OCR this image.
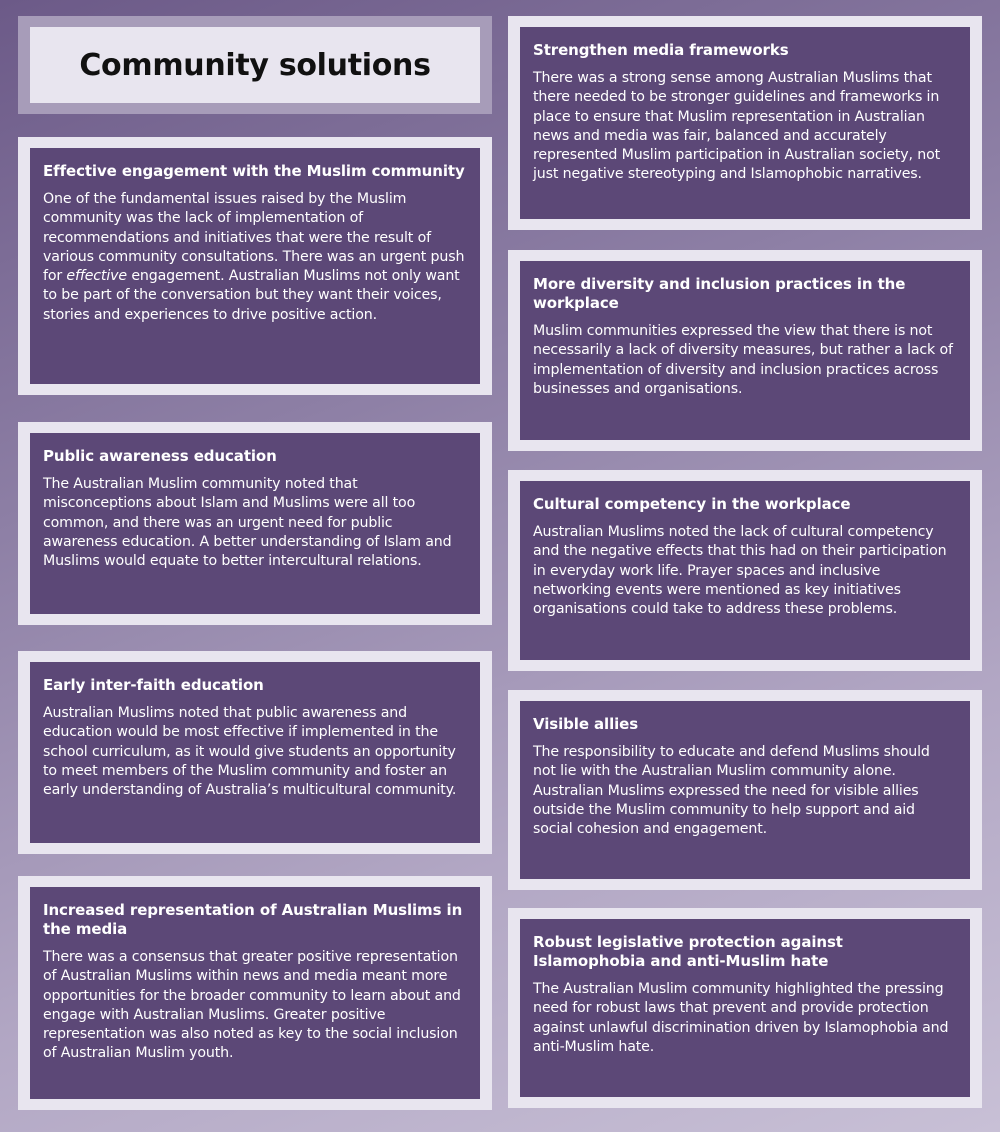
Community solutions
Effective engagement with the Muslim community

One of the fundamental issues raised by the Muslim community was the lack of implementation of recommendations and initiatives that were the result of various community consultations. There was an urgent push for effective engagement. Australian Muslims not only want to be part of the conversation but they want their voices, stories and experiences to drive positive action.

Public awareness education

The Australian Muslim community noted that misconceptions about Islam and Muslims were all too common, and there was an urgent need for public awareness education. A better understanding of Islam and Muslims would equate to better intercultural relations.

Early inter-faith education

Australian Muslims noted that public awareness and education would be most effective if implemented in the school curriculum, as it would give students an opportunity to meet members of the Muslim community and foster an early understanding of Australia’s multicultural community.

Increased representation of Australian Muslims in the media

There was a consensus that greater positive representation of Australian Muslims within news and media meant more opportunities for the broader community to learn about and engage with Australian Muslims. Greater positive representation was also noted as key to the social inclusion of Australian Muslim youth.

Strengthen media frameworks

There was a strong sense among Australian Muslims that there needed to be stronger guidelines and frameworks in place to ensure that Muslim representation in Australian news and media was fair, balanced and accurately represented Muslim participation in Australian society, not just negative stereotyping and Islamophobic narratives.

More diversity and inclusion practices in the workplace

Muslim communities expressed the view that there is not necessarily a lack of diversity measures, but rather a lack of implementation of diversity and inclusion practices across businesses and organisations.

Cultural competency in the workplace

Australian Muslims noted the lack of cultural competency and the negative effects that this had on their participation in everyday work life. Prayer spaces and inclusive networking events were mentioned as key initiatives organisations could take to address these problems.

Visible allies

The responsibility to educate and defend Muslims should not lie with the Australian Muslim community alone. Australian Muslims expressed the need for visible allies outside the Muslim community to help support and aid social cohesion and engagement.

Robust legislative protection against Islamophobia and anti-Muslim hate

The Australian Muslim community highlighted the pressing need for robust laws that prevent and provide protection against unlawful discrimination driven by Islamophobia and anti-Muslim hate.
